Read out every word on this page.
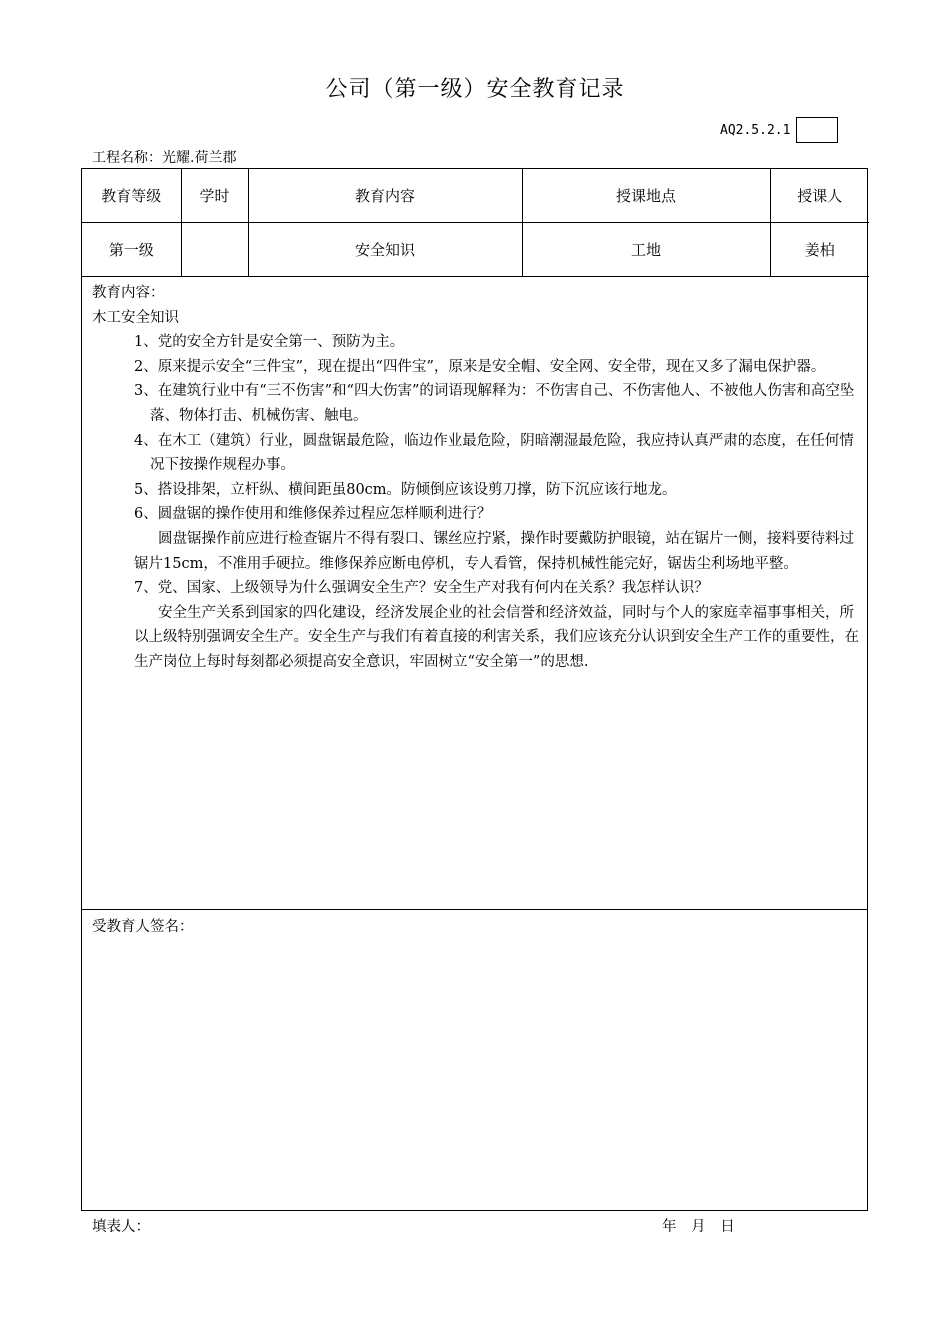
公司（第一级）安全教育记录
AQ2.5.2.1
工程名称：光耀.荷兰郡
教育等级	学时	教育内容	授课地点	授课人
第一级		安全知识	工地	姜柏

教育内容：

木工安全知识

1、党的安全方针是安全第一、预防为主。

2、原来提示安全“三件宝”，现在提出“四件宝”，原来是安全帽、安全网、安全带，现在又多了漏电保护器。

3、在建筑行业中有“三不伤害”和“四大伤害”的词语现解释为：不伤害自己、不伤害他人、不被他人伤害和高空坠落、物体打击、机械伤害、触电。

4、在木工（建筑）行业，圆盘锯最危险，临边作业最危险，阴暗潮湿最危险，我应持认真严肃的态度，在任何情况下按操作规程办事。

5、搭设排架，立杆纵、横间距虽80cm。防倾倒应该设剪刀撑，防下沉应该行地龙。

6、圆盘锯的操作使用和维修保养过程应怎样顺利进行？

圆盘锯操作前应进行检查锯片不得有裂口、镙丝应拧紧，操作时要戴防护眼镜，站在锯片一侧，接料要待料过锯片15cm，不准用手硬拉。维修保养应断电停机，专人看管，保持机械性能完好，锯齿尘利场地平整。

7、党、国家、上级领导为什么强调安全生产？安全生产对我有何内在关系？我怎样认识？

安全生产关系到国家的四化建设，经济发展企业的社会信誉和经济效益，同时与个人的家庭幸福事事相关，所以上级特别强调安全生产。安全生产与我们有着直接的利害关系，我们应该充分认识到安全生产工作的重要性，在生产岗位上每时每刻都必须提高安全意识，牢固树立“安全第一”的思想.

受教育人签名：
填表人：	年 月 日
